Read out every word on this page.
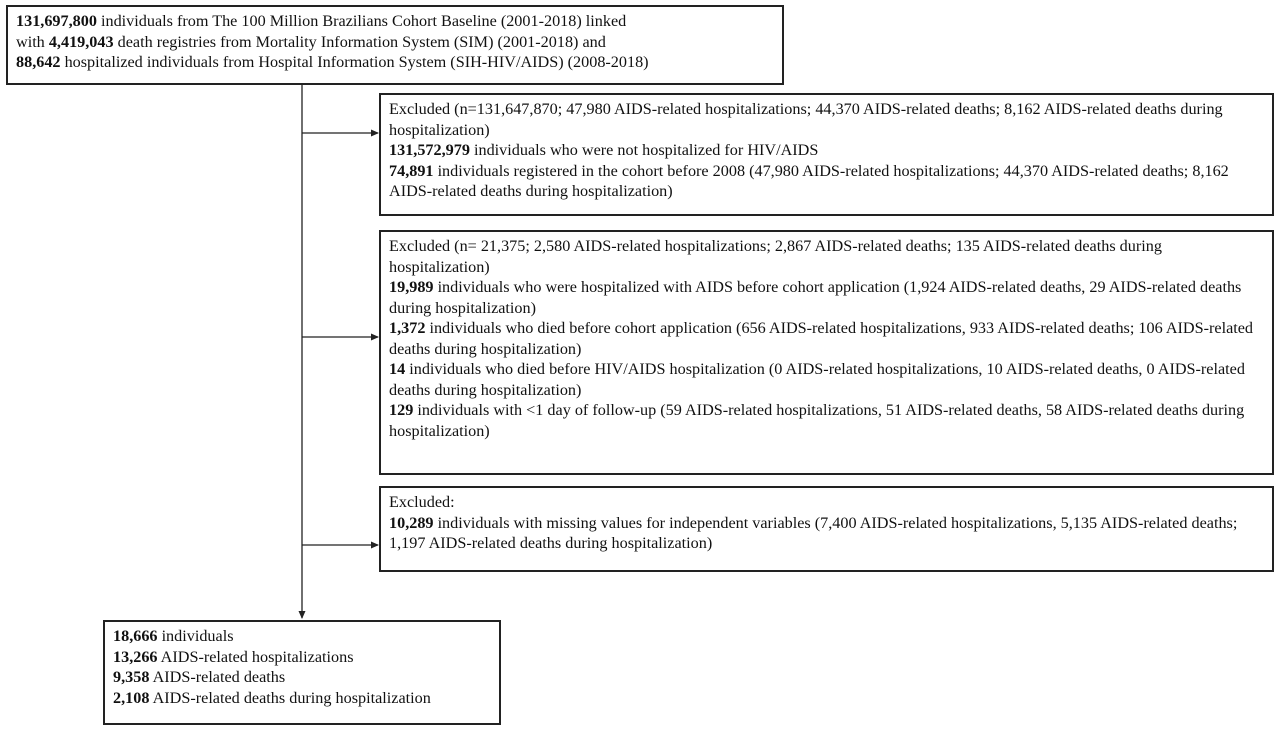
131,697,800 individuals from The 100 Million Brazilians Cohort Baseline (2001-2018) linked
with 4,419,043 death registries from Mortality Information System (SIM) (2001-2018) and
88,642 hospitalized individuals from Hospital Information System (SIH-HIV/AIDS) (2008-2018)
Excluded (n=131,647,870; 47,980 AIDS-related hospitalizations; 44,370 AIDS-related deaths; 8,162 AIDS-related deaths during hospitalization)
131,572,979 individuals who were not hospitalized for HIV/AIDS
74,891 individuals registered in the cohort before 2008 (47,980 AIDS-related hospitalizations; 44,370 AIDS-related deaths; 8,162 AIDS-related deaths during hospitalization)
Excluded (n= 21,375; 2,580 AIDS-related hospitalizations; 2,867 AIDS-related deaths; 135 AIDS-related deaths during hospitalization)
19,989 individuals who were hospitalized with AIDS before cohort application (1,924 AIDS-related deaths, 29 AIDS-related deaths during hospitalization)
1,372 individuals who died before cohort application (656 AIDS-related hospitalizations, 933 AIDS-related deaths; 106 AIDS-related deaths during hospitalization)
14 individuals who died before HIV/AIDS hospitalization (0 AIDS-related hospitalizations, 10 AIDS-related deaths, 0 AIDS-related deaths during hospitalization)
129 individuals with <1 day of follow-up (59 AIDS-related hospitalizations, 51 AIDS-related deaths, 58 AIDS-related deaths during hospitalization)
Excluded:
10,289 individuals with missing values for independent variables (7,400 AIDS-related hospitalizations, 5,135 AIDS-related deaths; 1,197 AIDS-related deaths during hospitalization)
18,666 individuals
13,266 AIDS-related hospitalizations
9,358 AIDS-related deaths
2,108 AIDS-related deaths during hospitalization
